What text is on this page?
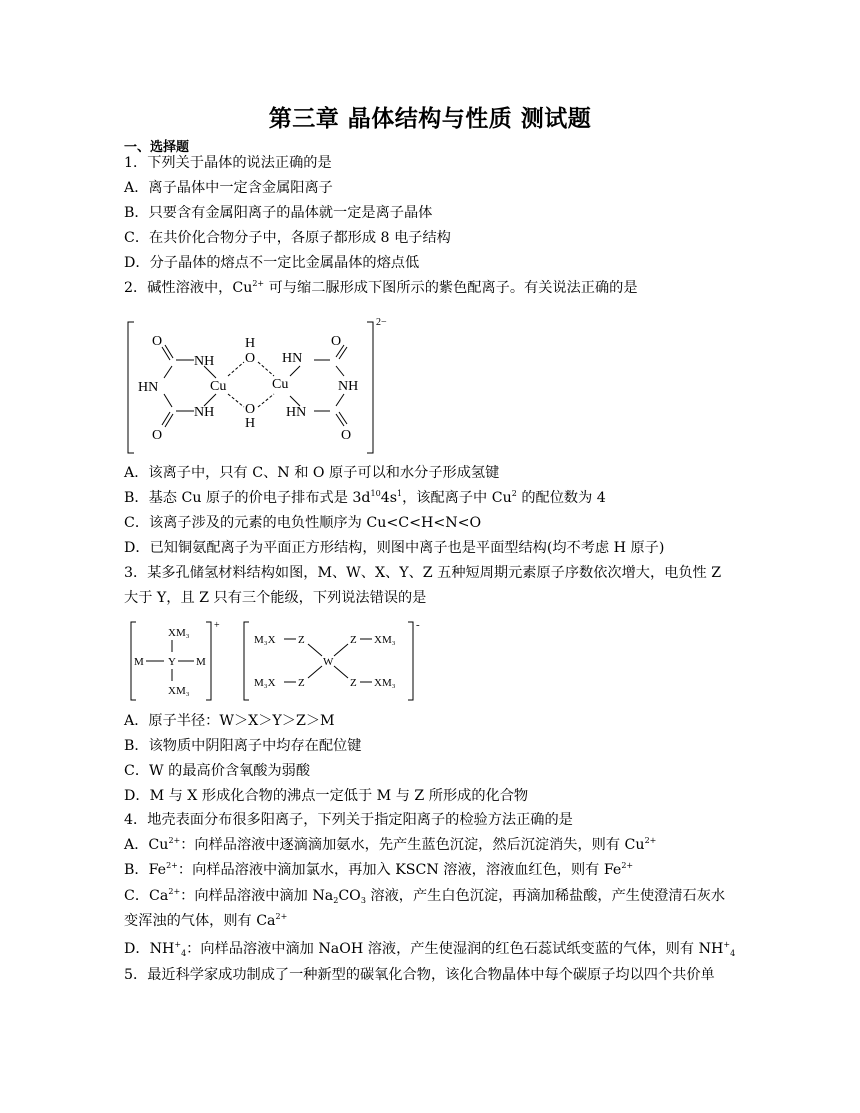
第三章 晶体结构与性质 测试题
一、选择题
1．下列关于晶体的说法正确的是
A．离子晶体中一定含金属阳离子
B．只要含有金属阳离子的晶体就一定是离子晶体
C．在共价化合物分子中，各原子都形成 8 电子结构
D．分子晶体的熔点不一定比金属晶体的熔点低
2．碱性溶液中，$Cu^{2+}$ 可与缩二脲形成下图所示的紫色配离子。有关说法正确的是
2−
O
NH
HN	Cu
NH
O
H
O
O
H
Cu
HN
O
NH
HN
O
A．该离子中，只有 C、N 和 O 原子可以和水分子形成氢键
B．基态 Cu 原子的价电子排布式是 $3d^{10}4s^1$，该配离子中 Cu$^2$ 的配位数为 4
C．该离子涉及的元素的电负性顺序为 Cu<C<H<N<O
D．已知铜氨配离子为平面正方形结构，则图中离子也是平面型结构(均不考虑 H 原子)
3．某多孔储氢材料结构如图，M、W、X、Y、Z 五种短周期元素原子序数依次增大，电负性 Z
大于 Y，且 Z 只有三个能级，下列说法错误的是
+
XM₃
M Y M
XM₃
-
M₃X Z
M₃X Z
W
Z XM₃
Z XM₃
A．原子半径：W＞X＞Y＞Z＞M
B．该物质中阴阳离子中均存在配位键
C．W 的最高价含氧酸为弱酸
D．M 与 X 形成化合物的沸点一定低于 M 与 Z 所形成的化合物
4．地壳表面分布很多阳离子，下列关于指定阳离子的检验方法正确的是
A．$Cu^{2+}$：向样品溶液中逐滴滴加氨水，先产生蓝色沉淀，然后沉淀消失，则有 $Cu^{2+}$
B．$Fe^{2+}$：向样品溶液中滴加氯水，再加入 KSCN 溶液，溶液血红色，则有 $Fe^{2+}$
C．$Ca^{2+}$：向样品溶液中滴加 $Na_2CO_3$ 溶液，产生白色沉淀，再滴加稀盐酸，产生使澄清石灰水
变浑浊的气体，则有 $Ca^{2+}$
D．$NH^+_4$：向样品溶液中滴加 NaOH 溶液，产生使湿润的红色石蕊试纸变蓝的气体，则有 $NH^+_4$
5．最近科学家成功制成了一种新型的碳氧化合物，该化合物晶体中每个碳原子均以四个共价单
